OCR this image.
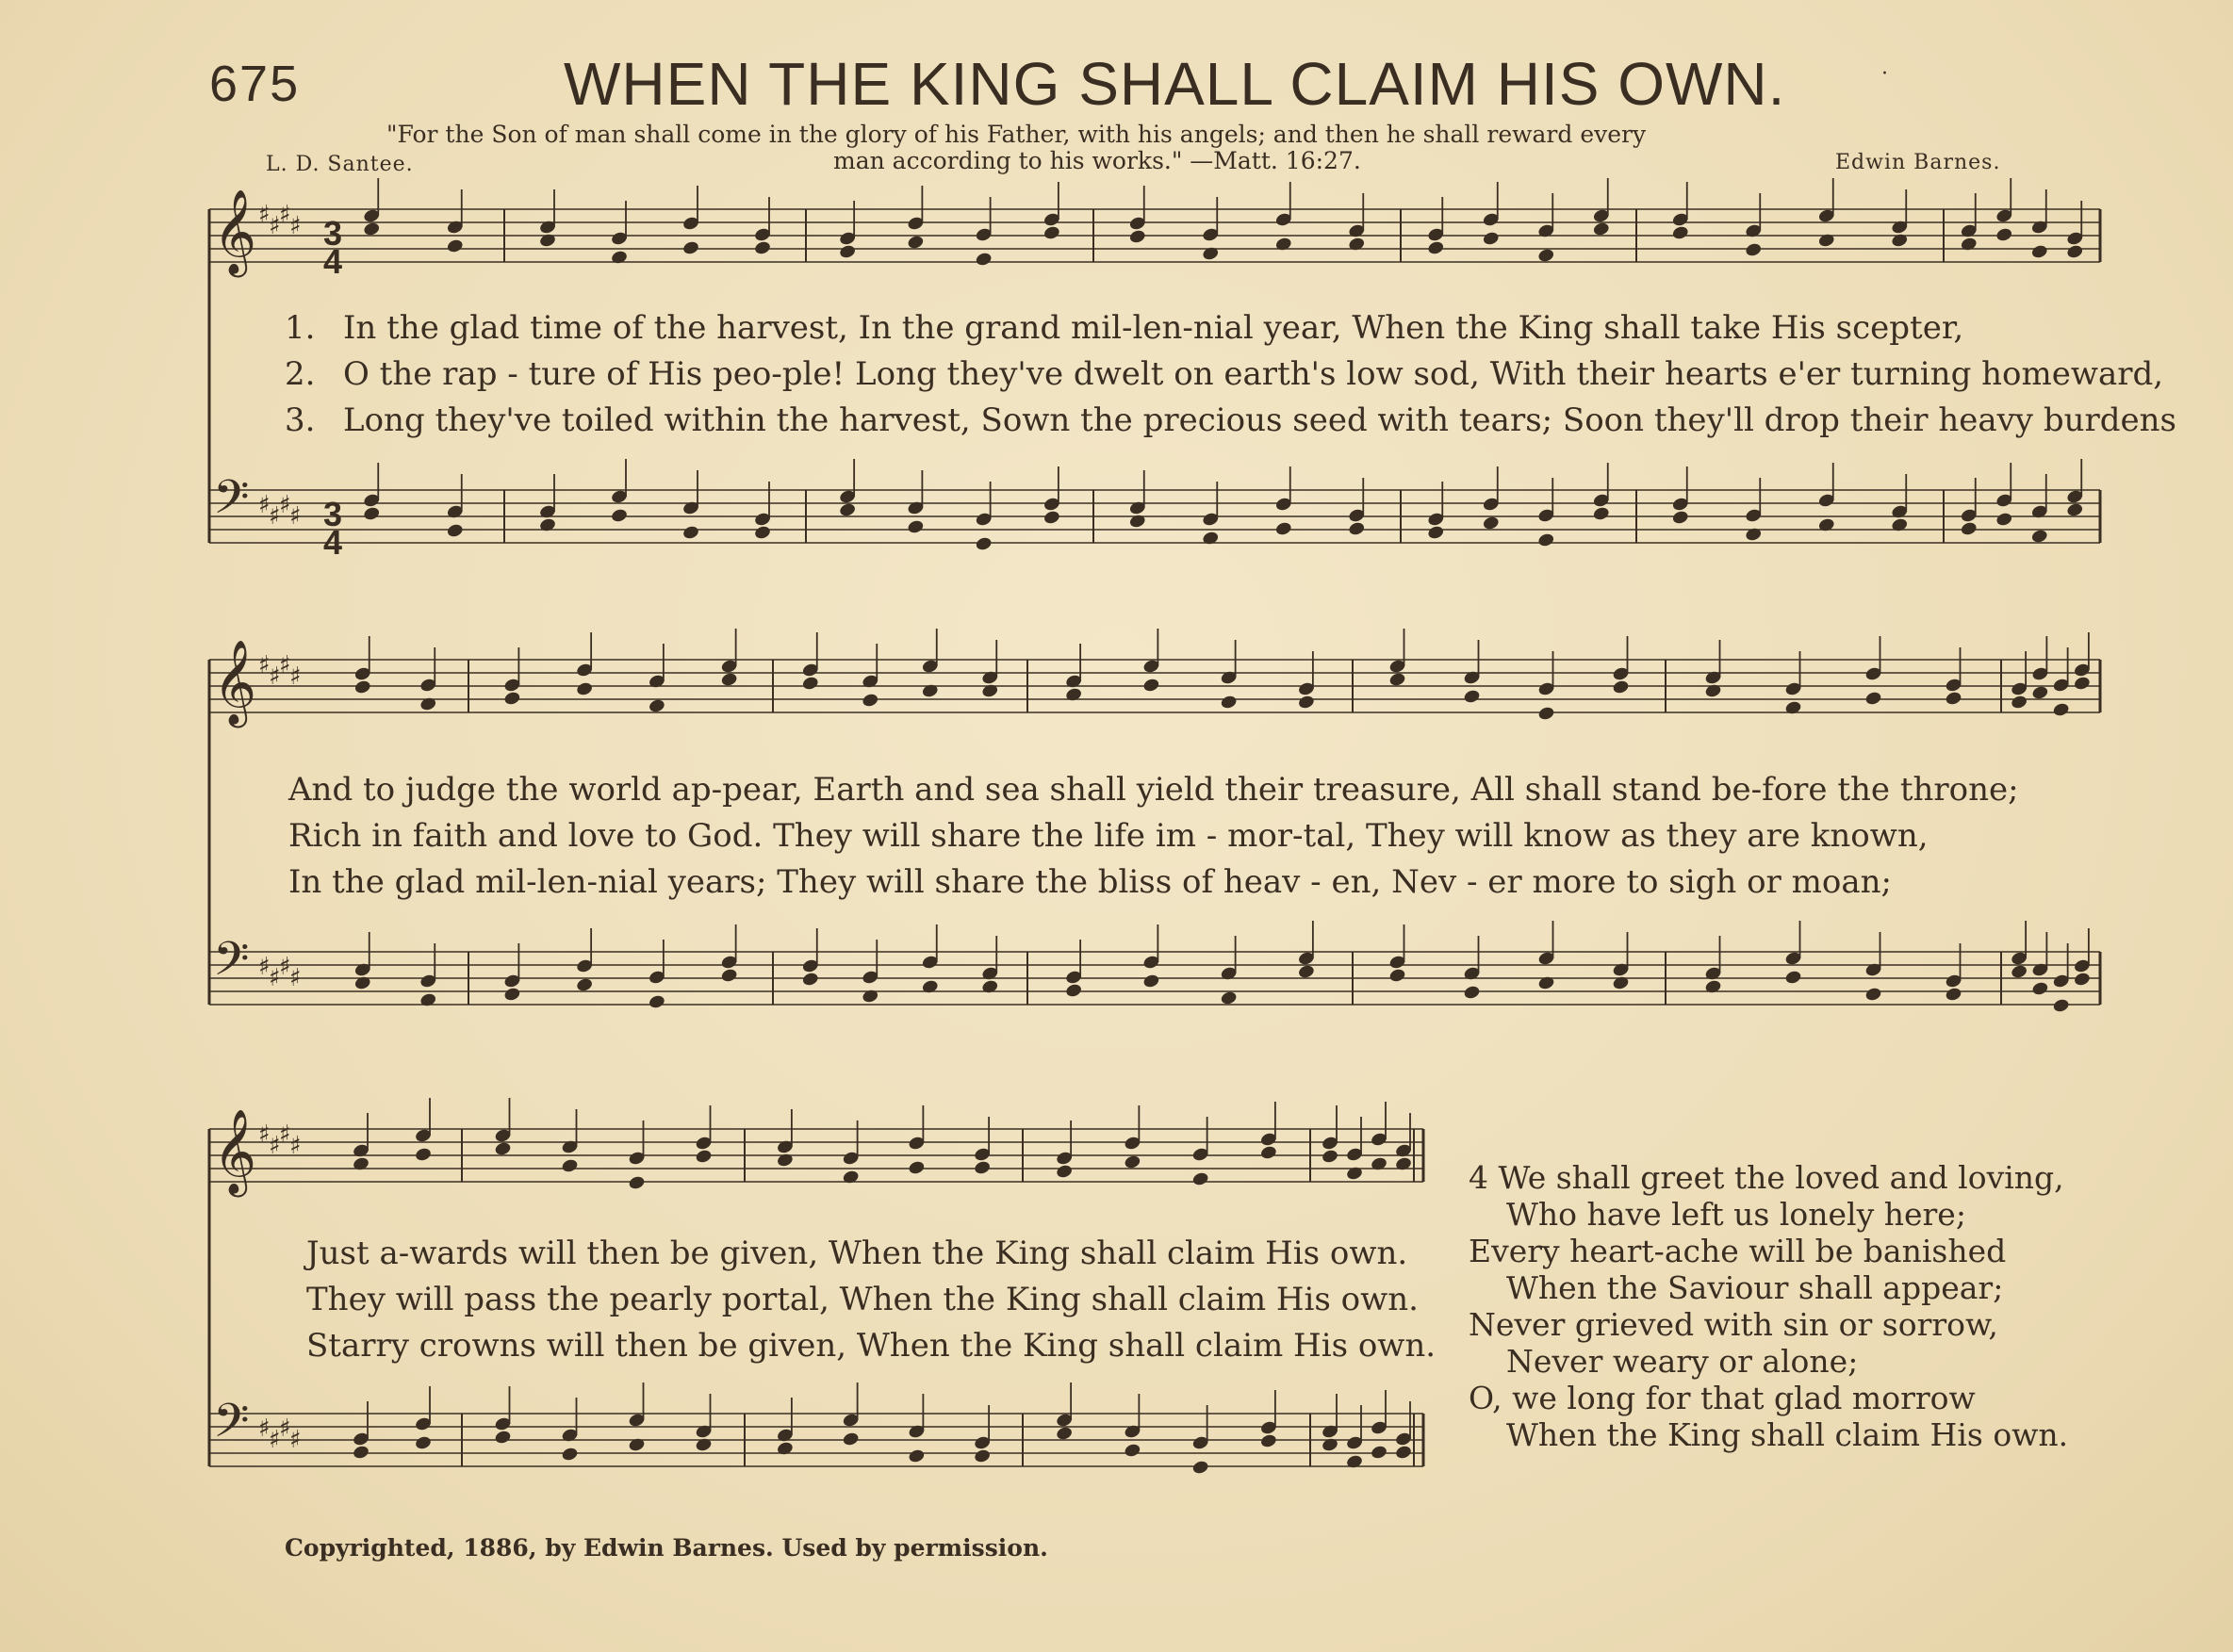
675	WHEN THE KING SHALL CLAIM HIS OWN.	·
"For the Son of man shall come in the glory of his Father, with his angels; and then he shall reward every
man according to his works." —Matt. 16:27.
L. D. Santee.	Edwin Barnes.
𝄞 ♯
♯
♯
♯
𝄢 ♯
♯
♯
♯
𝄞 ♯
♯
♯
♯
𝄢 ♯
♯
♯
♯
𝄞 ♯
♯
♯
♯
𝄢 ♯
♯
♯
♯
3
4
3
4
1. In the glad time of the harvest, In the grand mil-len-nial year, When the King shall take His scepter,
2. O the rap - ture of His peo-ple! Long they've dwelt on earth's low sod, With their hearts e'er turning homeward,
3. Long they've toiled within the harvest, Sown the precious seed with tears; Soon they'll drop their heavy burdens
And to judge the world ap-pear, Earth and sea shall yield their treasure, All shall stand be-fore the throne;
Rich in faith and love to God. They will share the life im - mor-tal, They will know as they are known,
In the glad mil-len-nial years; They will share the bliss of heav - en, Nev - er more to sigh or moan;
Just a-wards will then be given, When the King shall claim His own.
They will pass the pearly portal, When the King shall claim His own.
Starry crowns will then be given, When the King shall claim His own.
4 We shall greet the loved and loving,
Who have left us lonely here;
Every heart-ache will be banished
When the Saviour shall appear;
Never grieved with sin or sorrow,
Never weary or alone;
O, we long for that glad morrow
When the King shall claim His own.
Copyrighted, 1886, by Edwin Barnes. Used by permission.
